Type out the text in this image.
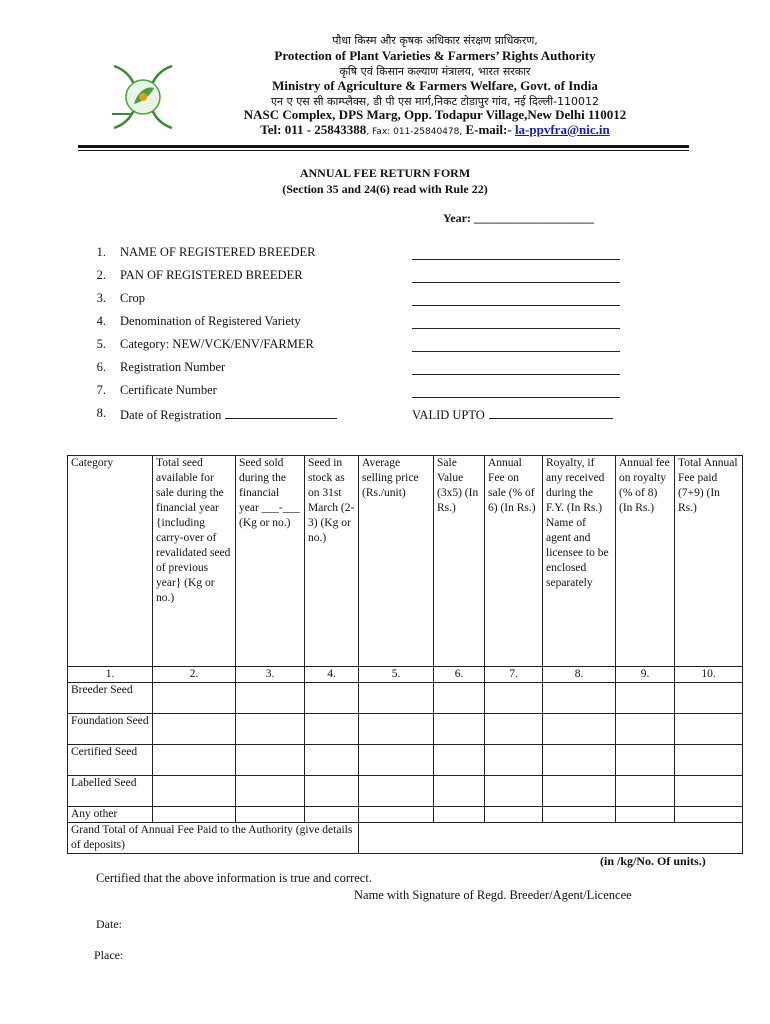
पौधा किस्म और कृषक अधिकार संरक्षण प्राधिकरण,
Protection of Plant Varieties & Farmers’ Rights Authority
कृषि एवं किसान कल्याण मंत्रालय, भारत सरकार
Ministry of Agriculture & Farmers Welfare, Govt. of India
एन ए एस सी काम्प्लैक्स, डी पी एस मार्ग,निकट टोडापुर गांव, नई दिल्ली-110012
NASC Complex, DPS Marg, Opp. Todapur Village,New Delhi 110012
Tel: 011 - 25843388, Fax: 011-25840478, E-mail:- la-ppvfra@nic.in
ANNUAL FEE RETURN FORM
(Section 35 and 24(6) read with Rule 22)
Year: ____________________
1. NAME OF REGISTERED BREEDER
2. PAN OF REGISTERED BREEDER
3. Crop
4. Denomination of Registered Variety
5. Category: NEW/VCK/ENV/FARMER
6. Registration Number
7. Certificate Number
8. Date of Registration	VALID UPTO
Category	Total seed available for sale during the financial year {including carry-over of revalidated seed of previous year} (Kg or no.)	Seed sold during the financial year ___-___ (Kg or no.)	Seed in stock as on 31st March (2-3) (Kg or no.)	Average selling price (Rs./unit)	Sale Value (3x5) (In Rs.)	Annual Fee on sale (% of 6) (In Rs.)	Royalty, if any received during the F.Y. (In Rs.) Name of agent and licensee to be enclosed separately	Annual fee on royalty (% of 8) (In Rs.)	Total Annual Fee paid (7+9) (In Rs.)
1.	2.	3.	4.	5.	6.	7.	8.	9.	10.
Breeder Seed									
Foundation Seed									
Certified Seed									
Labelled Seed									
Any other									
Grand Total of Annual Fee Paid to the Authority (give details of deposits)									
(in /kg/No. Of units.)
Certified that the above information is true and correct.
Name with Signature of Regd. Breeder/Agent/Licencee
Date:
Place:
